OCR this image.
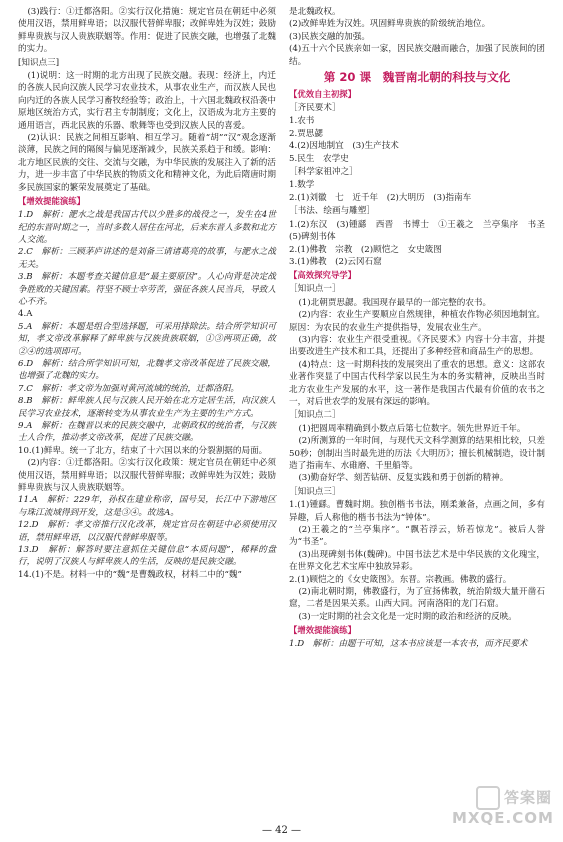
(3)践行：①迁都洛阳。②实行汉化措施：规定官员在朝廷中必须使用汉语，禁用鲜卑语；以汉服代替鲜卑服；改鲜卑姓为汉姓；鼓励鲜卑贵族与汉人贵族联姻等。作用：促进了民族交融，也增强了北魏的实力。

[知识点三]

(1)说明：这一时期的北方出现了民族交融。表现：经济上，内迁的各族人民向汉族人民学习农业技术，从事农业生产，而汉族人民也向内迁的各族人民学习畜牧经验等；政治上，十六国北魏政权沿袭中原地区统治方式，实行君主专制制度；文化上，汉语成为北方主要的通用语言，西北民族的乐器、歌舞等也受到汉族人民的喜爱。

(2)认识：民族之间相互影响、相互学习。随着“胡”“汉”观念逐渐淡薄，民族之间的隔阂与偏见逐渐减少，民族关系趋于和缓。影响：北方地区民族的交往、交流与交融，为中华民族的发展注入了新的活力，进一步丰富了中华民族的物质文化和精神文化，为此后隋唐时期多民族国家的繁荣发展奠定了基础。

【增效提能演练】

1.D　解析：淝水之战是我国古代以少胜多的战役之一，发生在4世纪的东晋时期之一，当时多数人居住在河北，后来东晋人多数和北方人交流。

2.C　解析：三顾茅庐讲述的是刘备三请诸葛亮的故事，与淝水之战无关。

3.B　解析：本题考查关键信息是“最主要原因”。人心向背是决定战争胜败的关键因素。符坚不顾士卒劳苦，强征各族人民当兵，导致人心不齐。

4.A

5.A　解析：本题是组合型选择题，可采用排除法。结合所学知识可知，孝文帝改革解释了鲜卑族与汉族贵族联姻，①③两项正确，故②④的选项即可。

6.D　解析：结合所学知识可知，北魏孝文帝改革促进了民族交融，也增强了北魏的实力。

7.C　解析：孝文帝为加强对黄河流域的统治，迁都洛阳。

8.B　解析：鲜卑族人民与汉族人民开始在北方定居生活，向汉族人民学习农业技术，逐渐转变为从事农业生产为主要的生产方式。

9.A　解析：在魏晋以来的民族交融中，北朝政权的统治者，与汉族士人合作，推动孝文帝改革，促进了民族交融。

10.(1)鲜卑。统一了北方，结束了十六国以来的分裂割据的局面。

(2)内容：①迁都洛阳。②实行汉化政策：规定官员在朝廷中必须使用汉语，禁用鲜卑语；以汉服代替鲜卑服；改鲜卑姓为汉姓；鼓励鲜卑贵族与汉人贵族联姻等。

11.A　解析：229年，孙权在建业称帝，国号吴，长江中下游地区与珠江流域得到开发，这是③④。故选A。

12.D　解析：孝文帝推行汉化改革，规定官员在朝廷中必须使用汉语，禁用鲜卑语，以汉服代替鲜卑服等。

13.D　解析：解答时要注意抓住关键信息“本质问题”，稀释的盘行，说明了汉族人与鲜卑族人的生活，反映的是民族交融。

14.(1)不是。材料一中的“魏”是曹魏政权，材料二中的“魏”

是北魏政权。

(2)改鲜卑姓为汉姓。巩固鲜卑贵族的阶级统治地位。

(3)民族交融的加强。

(4)五十六个民族亲如一家，因民族交融而融合，加强了民族间的团结。

第 20 课　魏晋南北朝的科技与文化

【优效自主初探】

［齐民要术］

1.农书

2.贾思勰

4.(2)因地制宜　(3)生产技术

5.民生　农学史

［科学家祖冲之］

1.数学

2.(1)刘徽　七　近千年　(2)大明历　(3)指南车

［书法、绘画与雕塑］

1.(2)东汉　(3)锺繇　西晋　书博士　①王羲之　兰亭集序　书圣　(5)碑刻书体

2.(1)佛教　宗教　(2)顾恺之　女史箴图

3.(1)佛教　(2)云冈石窟

【高效探究导学】

［知识点一］

(1)北朝贾思勰。我国现存最早的一部完整的农书。

(2)内容：农业生产要顺应自然规律，种植农作物必须因地制宜。原因：为农民的农业生产提供指导，发展农业生产。

(3)内容：农业生产很受重视。《齐民要术》内容十分丰富，并提出要改进生产技术和工具，还提出了多种经营和商品生产的思想。

(4)特点：这一时期科技的发展突出了重农的思想。意义：这部农业著作突显了中国古代科学家以民生为本的务实精神，反映出当时北方农业生产发展的水平，这一著作是我国古代最有价值的农书之一，对后世农学的发展有深远的影响。

［知识点二］

(1)把圆周率精确到小数点后第七位数字。领先世界近千年。

(2)所测算的一年时间，与现代天文科学测算的结果相比较，只差50秒；创制出当时最先进的历法《大明历》；擅长机械制造，设计制造了指南车、水碓磨、千里船等。

(3)勤奋好学、刻苦钻研、反复实践和勇于创新的精神。

［知识点三］

1.(1)锺繇。曹魏时期。独创楷书书法，刚柔兼备，点画之间，多有异趣，后人称他的楷书书法为“钟体”。

(2)王羲之的“兰亭集序”。“飘若浮云，矫若惊龙”。被后人誉为“书圣”。

(3)出现碑刻书体(魏碑)。中国书法艺术是中华民族的文化瑰宝，在世界文化艺术宝库中独放异彩。

2.(1)顾恺之的《女史箴图》。东晋。宗教画。佛教的盛行。

(2)南北朝时期，佛教盛行，为了宣扬佛教，统治阶级大量开凿石窟，二者是因果关系。山西大同。河南洛阳的龙门石窟。

(3)一定时期的社会文化是一定时期的政治和经济的反映。

【增效提能演练】

1.D　解析：由题干可知，这本书应该是一本农书，而齐民要术

— 42 —
答案圈
MXQE.COM
